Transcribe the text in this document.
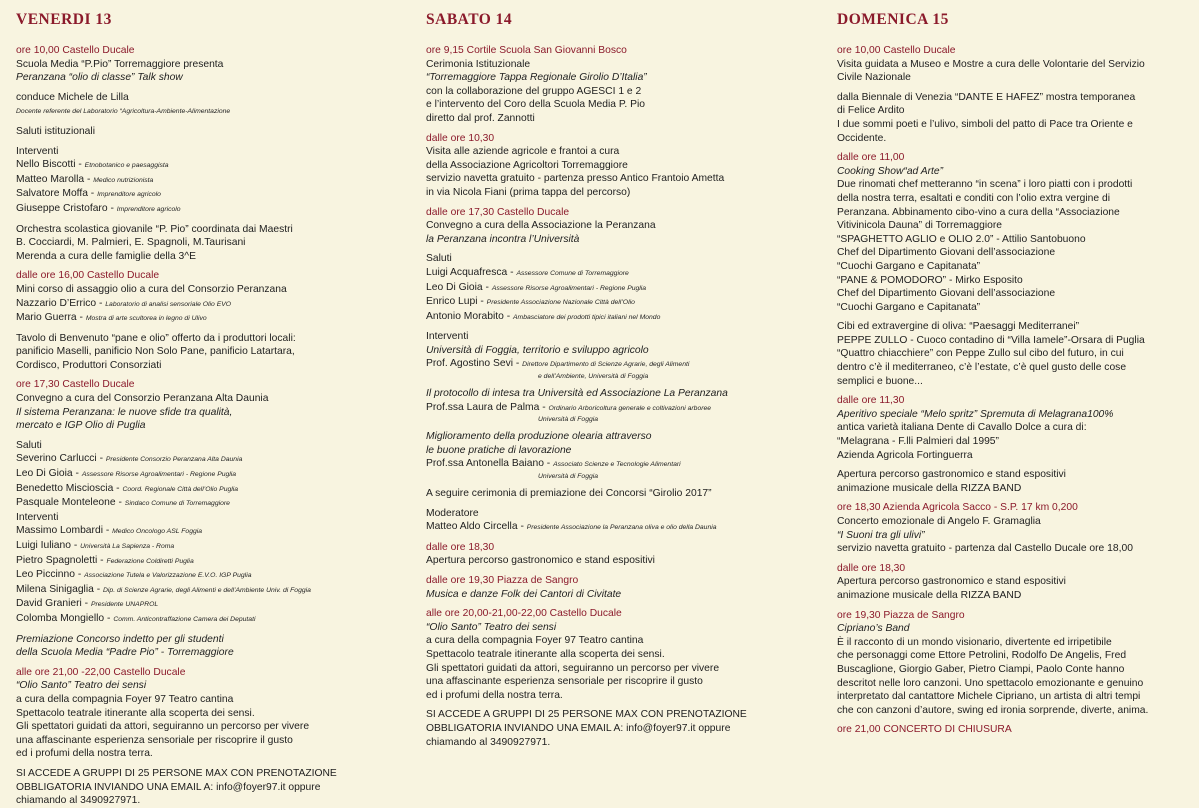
VENERDI 13
ore 10,00 Castello Ducale
Scuola Media “P.Pio” Torremaggiore presenta
Peranzana “olio di classe” Talk show
conduce Michele de Lilla
Docente referente del Laboratorio “Agricoltura-Ambiente-Alimentazione
Saluti istituzionali
Interventi
Nello Biscotti - Etnobotanico e paesaggista
Matteo Marolla - Medico nutrizionista
Salvatore Moffa - Imprenditore agricolo
Giuseppe Cristofaro - Imprenditore agricolo
Orchestra scolastica giovanile “P. Pio” coordinata dai Maestri
B. Cocciardi, M. Palmieri, E. Spagnoli, M.Taurisani
Merenda a cura delle famiglie della 3^E
dalle ore 16,00 Castello Ducale
Mini corso di assaggio olio a cura del Consorzio Peranzana
Nazzario D’Errico - Laboratorio di analisi sensoriale Olio EVO
Mario Guerra - Mostra di arte scultorea in legno di Ulivo
Tavolo di Benvenuto “pane e olio” offerto da i produttori locali:
panificio Maselli, panificio Non Solo Pane, panificio Latartara,
Cordisco, Produttori Consorziati
ore 17,30 Castello Ducale
Convegno a cura del Consorzio Peranzana Alta Daunia
Il sistema Peranzana: le nuove sfide tra qualità,
mercato e IGP Olio di Puglia
Saluti
Severino Carlucci - Presidente Consorzio Peranzana Alta Daunia
Leo Di Gioia - Assessore Risorse Agroalimentari - Regione Puglia
Benedetto Miscioscia - Coord. Regionale Città dell’Olio Puglia
Pasquale Monteleone - Sindaco Comune di Torremaggiore
Interventi
Massimo Lombardi - Medico Oncologo ASL Foggia
Luigi Iuliano - Università La Sapienza - Roma
Pietro Spagnoletti - Federazione Coldiretti Puglia
Leo Piccinno - Associazione Tutela e Valorizzazione E.V.O. IGP Puglia
Milena Sinigaglia - Dip. di Scienze Agrarie, degli Alimenti e dell’Ambiente Univ. di Foggia
David Granieri - Presidente UNAPROL
Colomba Mongiello - Comm. Anticontraffazione Camera dei Deputati
Premiazione Concorso indetto per gli studenti
della Scuola Media “Padre Pio” - Torremaggiore
alle ore 21,00 -22,00 Castello Ducale
“Olio Santo” Teatro dei sensi
a cura della compagnia Foyer 97 Teatro cantina
Spettacolo teatrale itinerante alla scoperta dei sensi.
Gli spettatori guidati da attori, seguiranno un percorso per vivere
una affascinante esperienza sensoriale per riscoprire il gusto
ed i profumi della nostra terra.
SI ACCEDE A GRUPPI DI 25 PERSONE MAX CON PRENOTAZIONE
OBBLIGATORIA INVIANDO UNA EMAIL A: info@foyer97.it oppure
chiamando al 3490927971.
SABATO 14
ore 9,15 Cortile Scuola San Giovanni Bosco
Cerimonia Istituzionale
“Torremaggiore Tappa Regionale Girolio D’Italia”
con la collaborazione del gruppo AGESCI 1 e 2
e l’intervento del Coro della Scuola Media P. Pio
diretto dal prof. Zannotti
dalle ore 10,30
Visita alle aziende agricole e frantoi a cura
della Associazione Agricoltori Torremaggiore
servizio navetta gratuito - partenza presso Antico Frantoio Ametta
in via Nicola Fiani (prima tappa del percorso)
dalle ore 17,30 Castello Ducale
Convegno a cura della Associazione la Peranzana
la Peranzana incontra l’Università
Saluti
Luigi Acquafresca - Assessore Comune di Torremaggiore
Leo Di Gioia - Assessore Risorse Agroalimentari - Regione Puglia
Enrico Lupi - Presidente Associazione Nazionale Città dell’Olio
Antonio Morabito - Ambasciatore dei prodotti tipici italiani nel Mondo
Interventi
Università di Foggia, territorio e sviluppo agricolo
Prof. Agostino Sevi - Direttore Dipartimento di Scienze Agrarie, degli Alimenti
e dell’Ambiente, Università di Foggia
Il protocollo di intesa tra Università ed Associazione La Peranzana
Prof.ssa Laura de Palma - Ordinario Arboricoltura generale e coltivazioni arboree
Università di Foggia
Miglioramento della produzione olearia attraverso
le buone pratiche di lavorazione
Prof.ssa Antonella Baiano - Associato Scienze e Tecnologie Alimentari
Università di Foggia
A seguire cerimonia di premiazione dei Concorsi “Girolio 2017”
Moderatore
Matteo Aldo Circella - Presidente Associazione la Peranzana oliva e olio della Daunia
dalle ore 18,30
Apertura percorso gastronomico e stand espositivi
dalle ore 19,30 Piazza de Sangro
Musica e danze Folk dei Cantori di Civitate
alle ore 20,00-21,00-22,00 Castello Ducale
“Olio Santo” Teatro dei sensi
a cura della compagnia Foyer 97 Teatro cantina
Spettacolo teatrale itinerante alla scoperta dei sensi.
Gli spettatori guidati da attori, seguiranno un percorso per vivere
una affascinante esperienza sensoriale per riscoprire il gusto
ed i profumi della nostra terra.
SI ACCEDE A GRUPPI DI 25 PERSONE MAX CON PRENOTAZIONE
OBBLIGATORIA INVIANDO UNA EMAIL A: info@foyer97.it oppure
chiamando al 3490927971.
DOMENICA 15
ore 10,00 Castello Ducale
Visita guidata a Museo e Mostre a cura delle Volontarie del Servizio
Civile Nazionale
dalla Biennale di Venezia “DANTE E HAFEZ” mostra temporanea
di Felice Ardito
I due sommi poeti e l’ulivo, simboli del patto di Pace tra Oriente e
Occidente.
dalle ore 11,00
Cooking Show“ad Arte”
Due rinomati chef metteranno “in scena” i loro piatti con i prodotti
della nostra terra, esaltati e conditi con l’olio extra vergine di
Peranzana. Abbinamento cibo-vino a cura della “Associazione
Vitivinicola Dauna” di Torremaggiore
“SPAGHETTO AGLIO e OLIO 2.0” - Attilio Santobuono
Chef del Dipartimento Giovani dell’associazione
“Cuochi Gargano e Capitanata”
“PANE & POMODORO” - Mirko Esposito
Chef del Dipartimento Giovani dell’associazione
“Cuochi Gargano e Capitanata”
Cibi ed extravergine di oliva: “Paesaggi Mediterranei”
PEPPE ZULLO - Cuoco contadino di “Villa Iamele”-Orsara di Puglia
“Quattro chiacchiere” con Peppe Zullo sul cibo del futuro, in cui
dentro c’è il mediterraneo, c’è l’estate, c’è quel gusto delle cose
semplici e buone...
dalle ore 11,30
Aperitivo speciale “Melo spritz” Spremuta di Melagrana100%
antica varietà italiana Dente di Cavallo Dolce a cura di:
“Melagrana - F.lli Palmieri dal 1995”
Azienda Agricola Fortinguerra
Apertura percorso gastronomico e stand espositivi
animazione musicale della RIZZA BAND
ore 18,30 Azienda Agricola Sacco - S.P. 17 km 0,200
Concerto emozionale di Angelo F. Gramaglia
“I Suoni tra gli ulivi”
servizio navetta gratuito - partenza dal Castello Ducale ore 18,00
dalle ore 18,30
Apertura percorso gastronomico e stand espositivi
animazione musicale della RIZZA BAND
ore 19,30 Piazza de Sangro
Cipriano’s Band
È il racconto di un mondo visionario, divertente ed irripetibile
che personaggi come Ettore Petrolini, Rodolfo De Angelis, Fred
Buscaglione, Giorgio Gaber, Pietro Ciampi, Paolo Conte hanno
descritot nelle loro canzoni. Uno spettacolo emozionante e genuino
interpretato dal cantattore Michele Cipriano, un artista di altri tempi
che con canzoni d’autore, swing ed ironia sorprende, diverte, anima.
ore 21,00 CONCERTO DI CHIUSURA
